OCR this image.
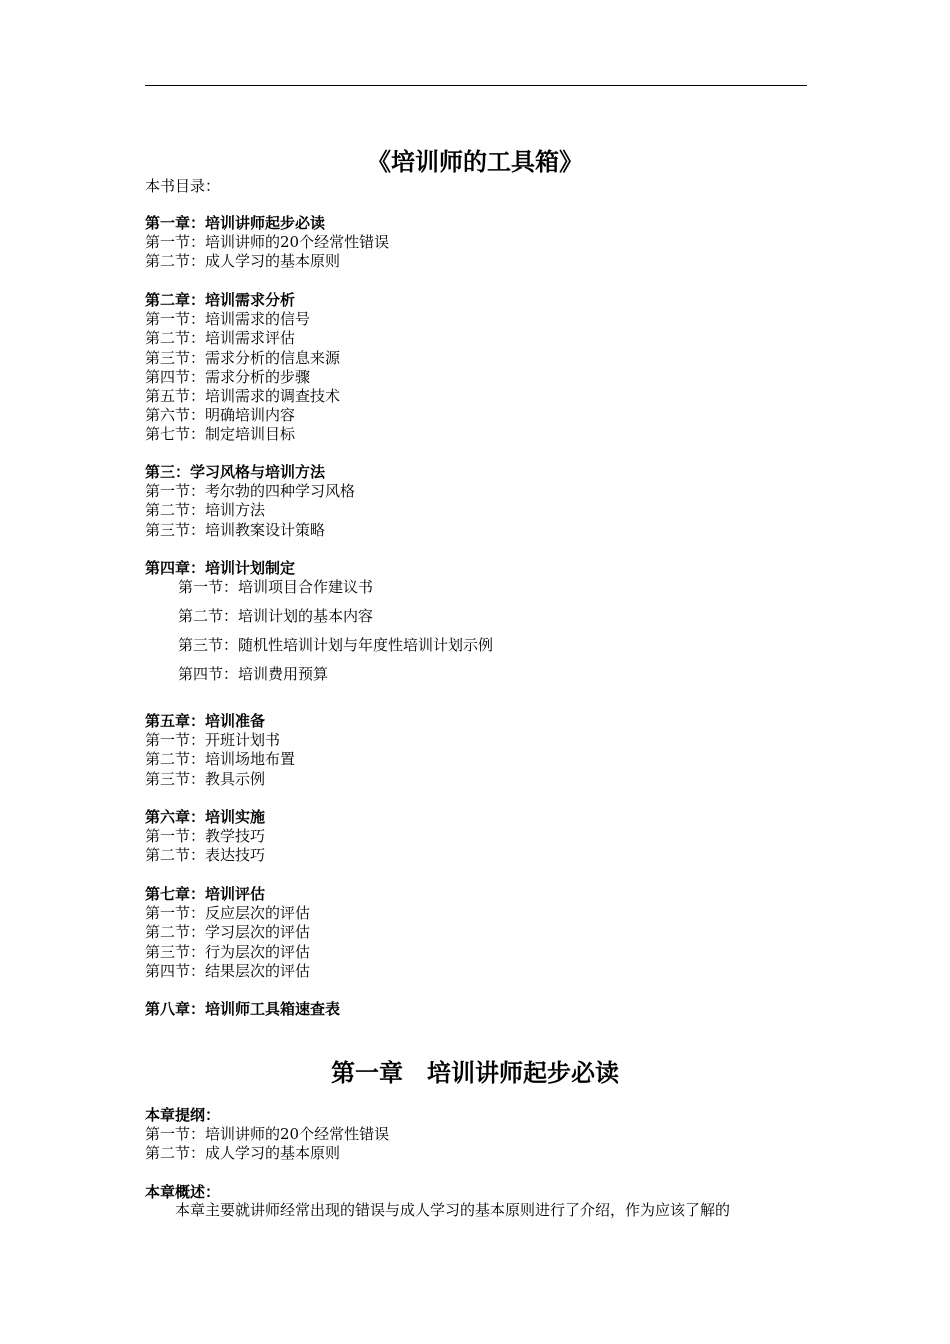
《培训师的工具箱》
本书目录：
第一章：培训讲师起步必读
第一节：培训讲师的20个经常性错误
第二节：成人学习的基本原则
第二章：培训需求分析
第一节：培训需求的信号
第二节：培训需求评估
第三节：需求分析的信息来源
第四节：需求分析的步骤
第五节：培训需求的调查技术
第六节：明确培训内容
第七节：制定培训目标
第三：学习风格与培训方法
第一节：考尔勃的四种学习风格
第二节：培训方法
第三节：培训教案设计策略
第四章：培训计划制定
第一节：培训项目合作建议书
第二节：培训计划的基本内容
第三节：随机性培训计划与年度性培训计划示例
第四节：培训费用预算
第五章：培训准备
第一节：开班计划书
第二节：培训场地布置
第三节：教具示例
第六章：培训实施
第一节：教学技巧
第二节：表达技巧
第七章：培训评估
第一节：反应层次的评估
第二节：学习层次的评估
第三节：行为层次的评估
第四节：结果层次的评估
第八章：培训师工具箱速查表
第一章　培训讲师起步必读
本章提纲：
第一节：培训讲师的20个经常性错误
第二节：成人学习的基本原则
本章概述：
本章主要就讲师经常出现的错误与成人学习的基本原则进行了介绍，作为应该了解的
